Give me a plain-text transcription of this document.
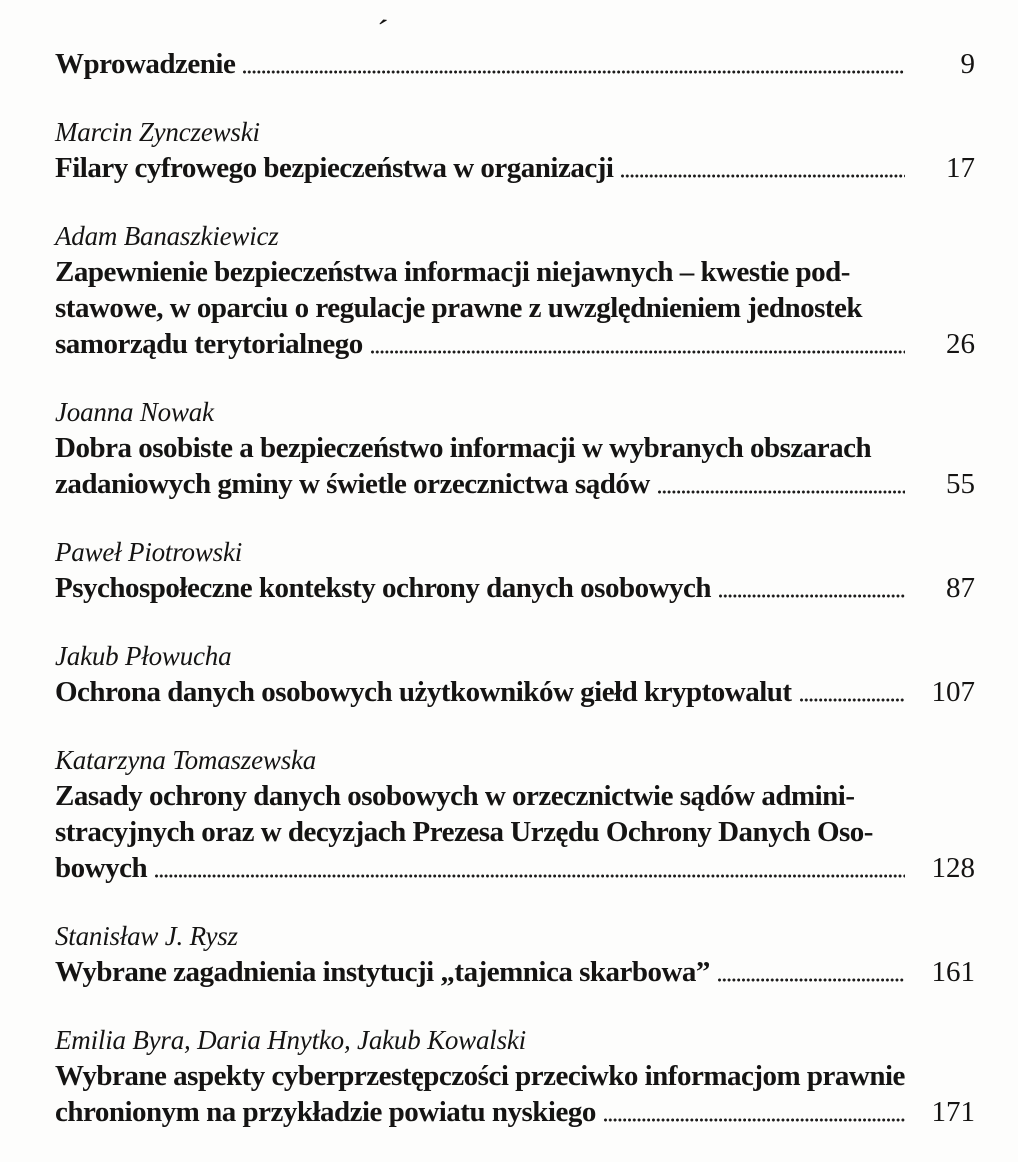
´
Wprowadzenie	9
Marcin Zynczewski
Filary cyfrowego bezpieczeństwa w organizacji	17
Adam Banaszkiewicz
Zapewnienie bezpieczeństwa informacji niejawnych – kwestie pod-
stawowe, w oparciu o regulacje prawne z uwzględnieniem jednostek
samorządu terytorialnego	26
Joanna Nowak
Dobra osobiste a bezpieczeństwo informacji w wybranych obszarach
zadaniowych gminy w świetle orzecznictwa sądów	55
Paweł Piotrowski
Psychospołeczne konteksty ochrony danych osobowych	87
Jakub Płowucha
Ochrona danych osobowych użytkowników giełd kryptowalut	107
Katarzyna Tomaszewska
Zasady ochrony danych osobowych w orzecznictwie sądów admini-
stracyjnych oraz w decyzjach Prezesa Urzędu Ochrony Danych Oso-
bowych	128
Stanisław J. Rysz
Wybrane zagadnienia instytucji „tajemnica skarbowa”	161
Emilia Byra, Daria Hnytko, Jakub Kowalski
Wybrane aspekty cyberprzestępczości przeciwko informacjom prawnie
chronionym na przykładzie powiatu nyskiego	171
